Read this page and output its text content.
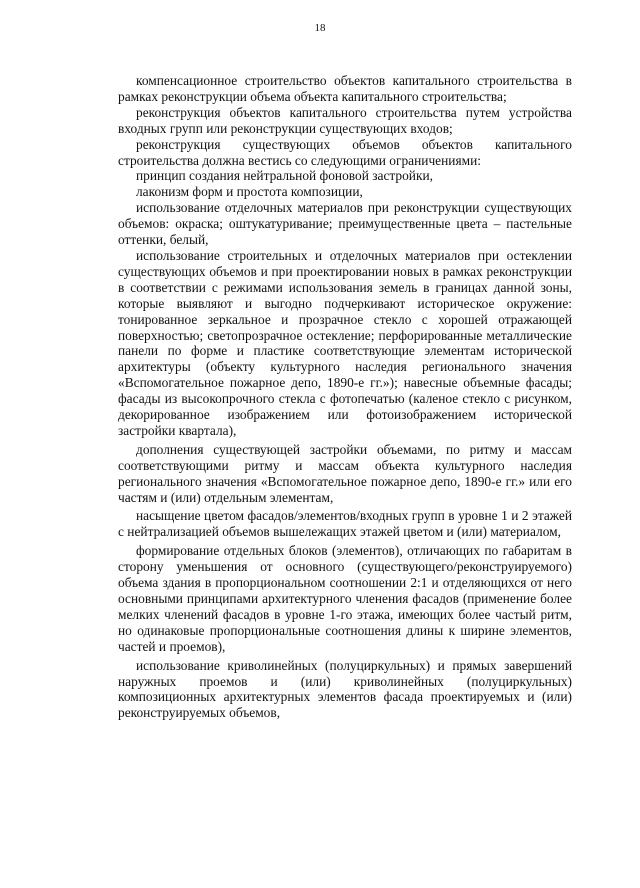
18

компенсационное строительство объектов капитального строительства в рамках реконструкции объема объекта капитального строительства;

реконструкция объектов капитального строительства путем устройства входных групп или реконструкции существующих входов;

реконструкция существующих объемов объектов капитального строительства должна вестись со следующими ограничениями:

принцип создания нейтральной фоновой застройки,

лаконизм форм и простота композиции,

использование отделочных материалов при реконструкции существующих объемов: окраска; оштукатуривание; преимущественные цвета – пастельные оттенки, белый,

использование строительных и отделочных материалов при остеклении существующих объемов и при проектировании новых в рамках реконструкции в соответствии с режимами использования земель в границах данной зоны, которые выявляют и выгодно подчеркивают историческое окружение: тонированное зеркальное и прозрачное стекло с хорошей отражающей поверхностью; светопрозрачное остекление; перфорированные металлические панели по форме и пластике соответствующие элементам исторической архитектуры (объекту культурного наследия регионального значения «Вспомогательное пожарное депо, 1890-е гг.»); навесные объемные фасады; фасады из высокопрочного стекла с фотопечатью (каленое стекло с рисунком, декорированное изображением или фотоизображением исторической застройки квартала),

дополнения существующей застройки объемами, по ритму и массам соответствующими ритму и массам объекта культурного наследия регионального значения «Вспомогательное пожарное депо, 1890-е гг.» или его частям и (или) отдельным элементам,

насыщение цветом фасадов/элементов/входных групп в уровне 1 и 2 этажей с нейтрализацией объемов вышележащих этажей цветом и (или) материалом,

формирование отдельных блоков (элементов), отличающих по габаритам в сторону уменьшения от основного (существующего/реконструируемого) объема здания в пропорциональном соотношении 2:1 и отделяющихся от него основными принципами архитектурного членения фасадов (применение более мелких членений фасадов в уровне 1-го этажа, имеющих более частый ритм, но одинаковые пропорциональные соотношения длины к ширине элементов, частей и проемов),

использование криволинейных (полуциркульных) и прямых завершений наружных проемов и (или) криволинейных (полуциркульных) композиционных архитектурных элементов фасада проектируемых и (или) реконструируемых объемов,
